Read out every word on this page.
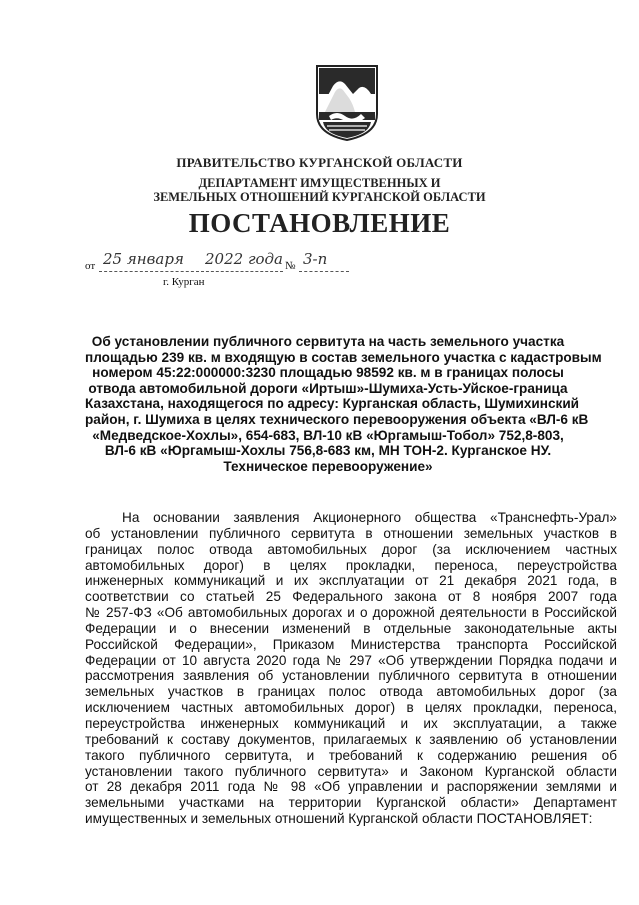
ПРАВИТЕЛЬСТВО КУРГАНСКОЙ ОБЛАСТИ
ДЕПАРТАМЕНТ ИМУЩЕСТВЕННЫХ И
ЗЕМЕЛЬНЫХ ОТНОШЕНИЙ КУРГАНСКОЙ ОБЛАСТИ
ПОСТАНОВЛЕНИЕ
от 25 января 2022 года № 3-п
г. Курган
Об установлении публичного сервитута на часть земельного участка
площадью 239 кв. м входящую в состав земельного участка с кадастровым
номером 45:22:000000:3230 площадью 98592 кв. м в границах полосы
отвода автомобильной дороги «Иртыш»-Шумиха-Усть-Уйское-граница
Казахстана, находящегося по адресу: Курганская область, Шумихинский
район, г. Шумиха в целях технического перевооружения объекта «ВЛ-6 кВ
«Медведское-Хохлы», 654-683, ВЛ-10 кВ «Юргамыш-Тобол» 752,8-803,
ВЛ-6 кВ «Юргамыш-Хохлы 756,8-683 км, МН ТОН-2. Курганское НУ.
Техническое перевооружение»
На основании заявления Акционерного общества «Транснефть-Урал»
об установлении публичного сервитута в отношении земельных участков в
границах полос отвода автомобильных дорог (за исключением частных
автомобильных дорог) в целях прокладки, переноса, переустройства
инженерных коммуникаций и их эксплуатации от 21 декабря 2021 года, в
соответствии со статьей 25 Федерального закона от 8 ноября 2007 года
№ 257-ФЗ «Об автомобильных дорогах и о дорожной деятельности в Российской
Федерации и о внесении изменений в отдельные законодательные акты
Российской Федерации», Приказом Министерства транспорта Российской
Федерации от 10 августа 2020 года № 297 «Об утверждении Порядка подачи и
рассмотрения заявления об установлении публичного сервитута в отношении
земельных участков в границах полос отвода автомобильных дорог (за
исключением частных автомобильных дорог) в целях прокладки, переноса,
переустройства инженерных коммуникаций и их эксплуатации, а также
требований к составу документов, прилагаемых к заявлению об установлении
такого публичного сервитута, и требований к содержанию решения об
установлении такого публичного сервитута» и Законом Курганской области
от 28 декабря 2011 года № 98 «Об управлении и распоряжении землями и
земельными участками на территории Курганской области» Департамент
имущественных и земельных отношений Курганской области ПОСТАНОВЛЯЕТ:
